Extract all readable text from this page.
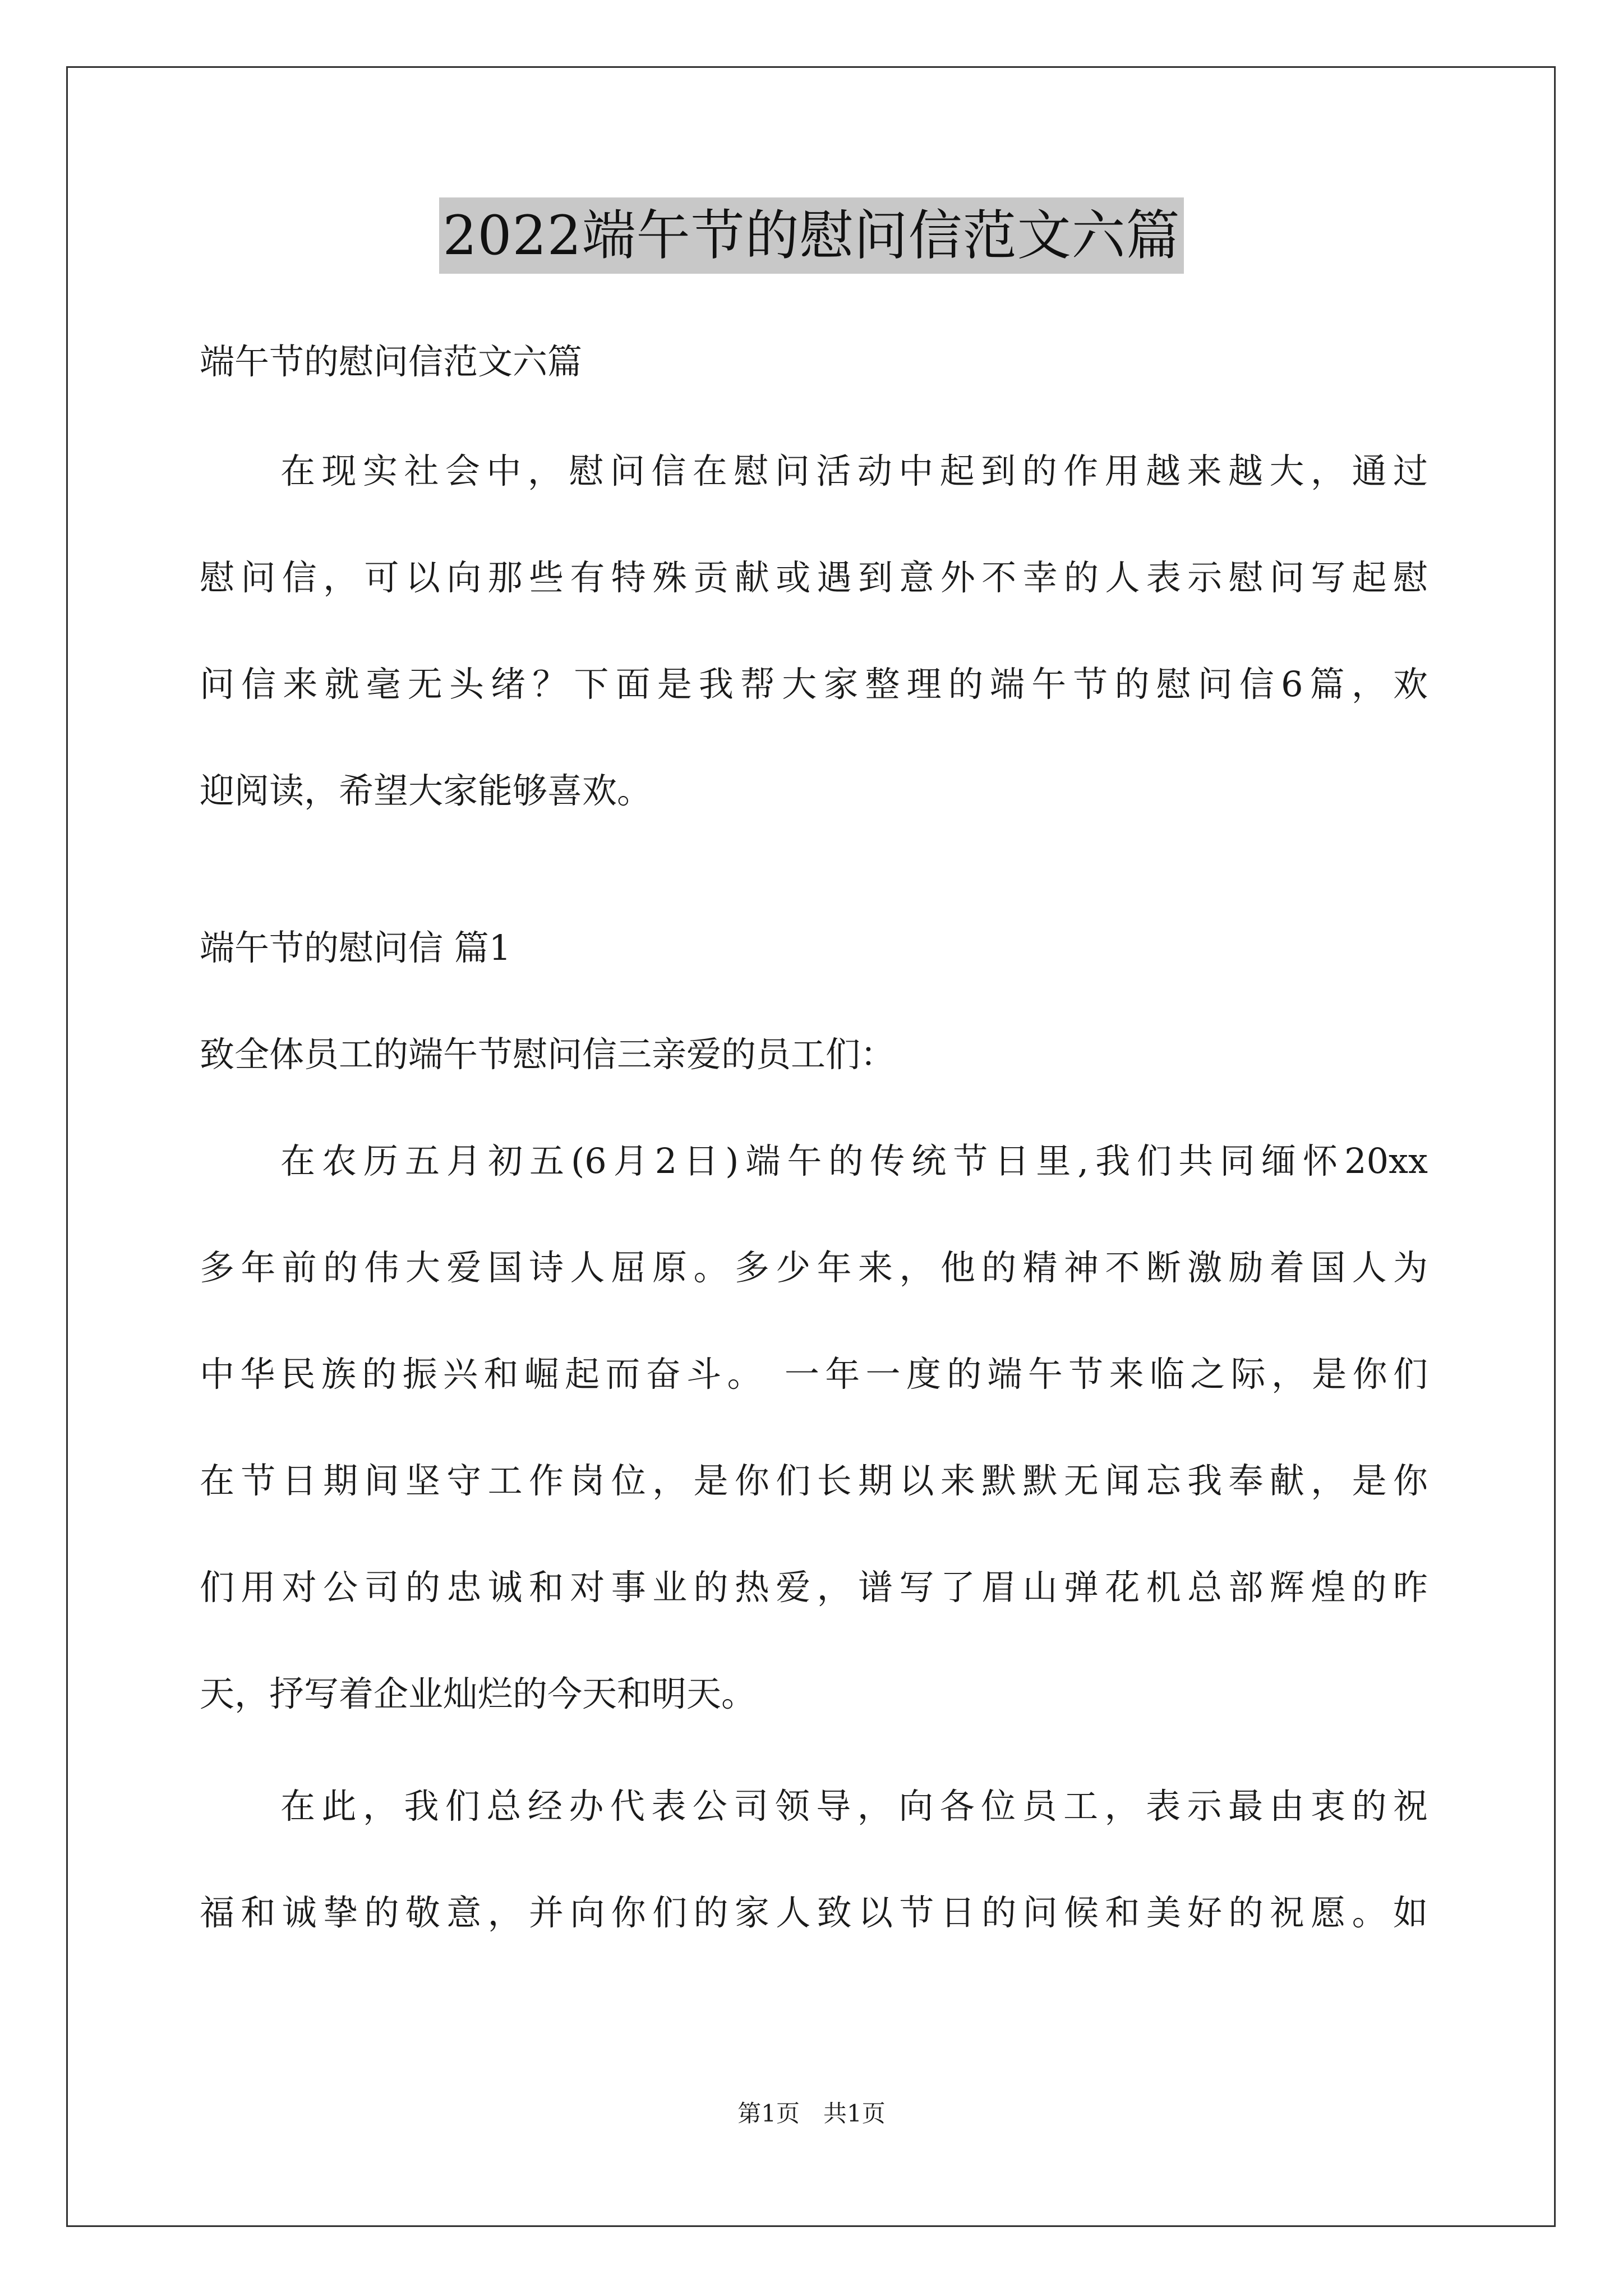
2022端午节的慰问信范文六篇
端午节的慰问信范文六篇
在现实社会中，慰问信在慰问活动中起到的作用越来越大，通过
慰问信，可以向那些有特殊贡献或遇到意外不幸的人表示慰问写起慰
问信来就毫无头绪？下面是我帮大家整理的端午节的慰问信6篇，欢
迎阅读，希望大家能够喜欢。
端午节的慰问信 篇1
致全体员工的端午节慰问信三亲爱的员工们：
在农历五月初五(6月2日)端午的传统节日里,我们共同缅怀20xx
多年前的伟大爱国诗人屈原。多少年来，他的精神不断激励着国人为
中华民族的振兴和崛起而奋斗。 一年一度的端午节来临之际，是你们
在节日期间坚守工作岗位，是你们长期以来默默无闻忘我奉献，是你
们用对公司的忠诚和对事业的热爱，谱写了眉山弹花机总部辉煌的昨
天，抒写着企业灿烂的今天和明天。
在此，我们总经办代表公司领导，向各位员工，表示最由衷的祝
福和诚挚的敬意，并向你们的家人致以节日的问候和美好的祝愿。如
第1页　共1页
